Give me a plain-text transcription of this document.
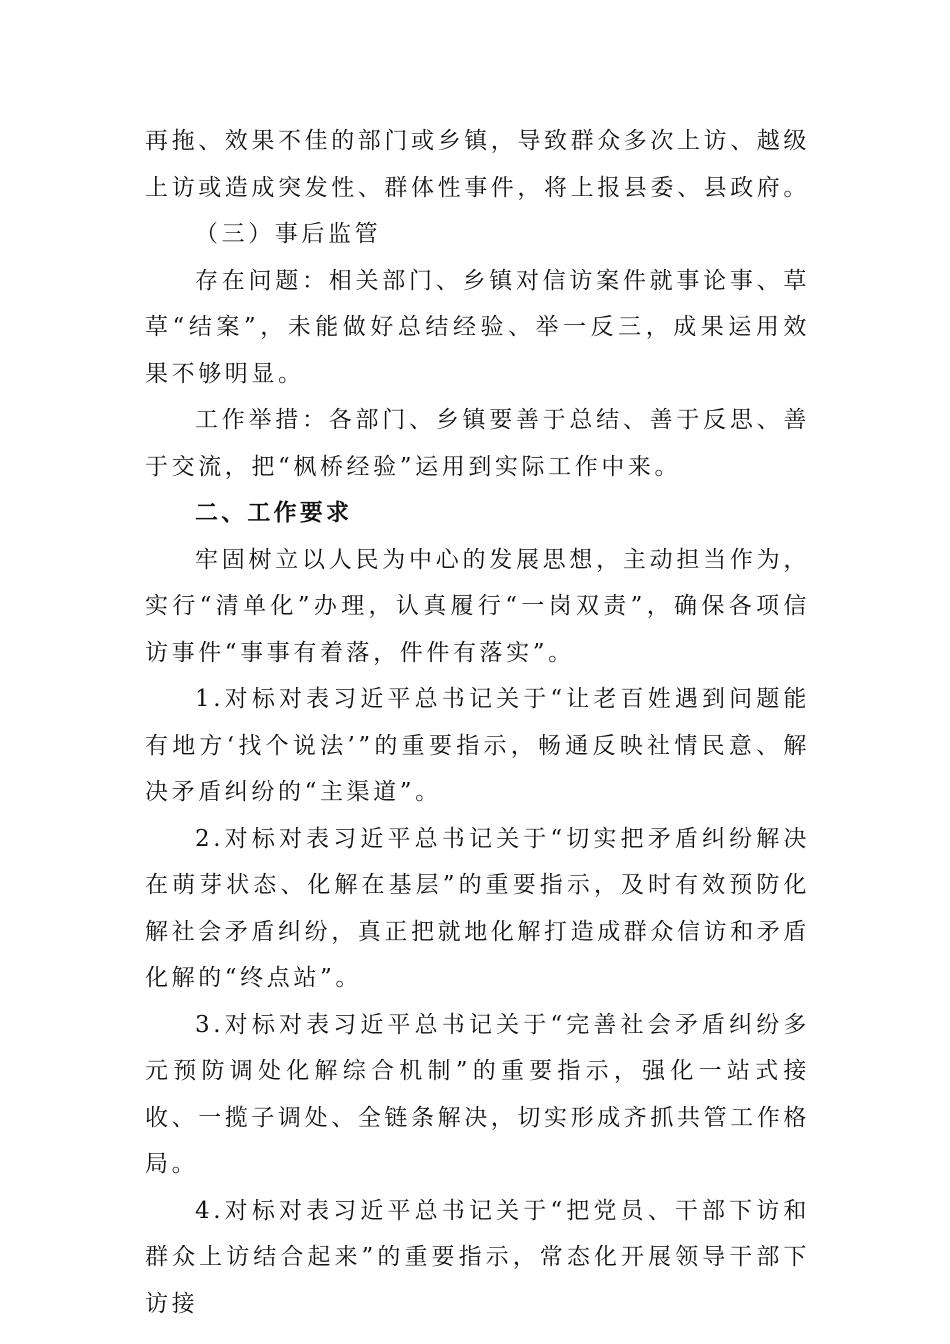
再拖、效果不佳的部门或乡镇，导致群众多次上访、越级上访或造成突发性、群体性事件，将上报县委、县政府。

（三）事后监管

存在问题：相关部门、乡镇对信访案件就事论事、草草“结案”，未能做好总结经验、举一反三，成果运用效果不够明显。

工作举措：各部门、乡镇要善于总结、善于反思、善于交流，把“枫桥经验”运用到实际工作中来。

二、工作要求

牢固树立以人民为中心的发展思想，主动担当作为，实行“清单化”办理，认真履行“一岗双责”，确保各项信访事件“事事有着落，件件有落实”。

1.对标对表习近平总书记关于“让老百姓遇到问题能有地方‘找个说法’”的重要指示，畅通反映社情民意、解决矛盾纠纷的“主渠道”。

2.对标对表习近平总书记关于“切实把矛盾纠纷解决在萌芽状态、化解在基层”的重要指示，及时有效预防化解社会矛盾纠纷，真正把就地化解打造成群众信访和矛盾化解的“终点站”。

3.对标对表习近平总书记关于“完善社会矛盾纠纷多元预防调处化解综合机制”的重要指示，强化一站式接收、一揽子调处、全链条解决，切实形成齐抓共管工作格局。

4.对标对表习近平总书记关于“把党员、干部下访和群众上访结合起来”的重要指示，常态化开展领导干部下访接
